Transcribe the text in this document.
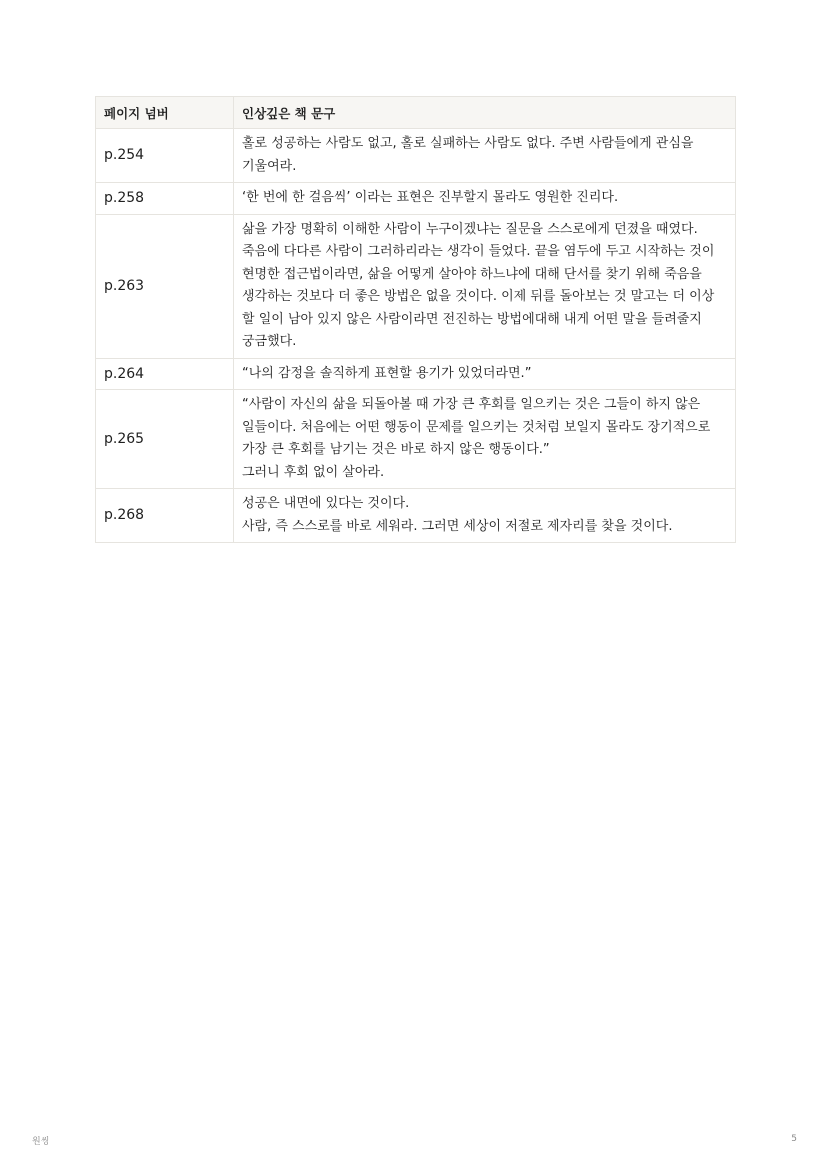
페이지 넘버	인상깊은 책 문구
p.254	홀로 성공하는 사람도 없고, 홀로 실패하는 사람도 없다. 주변 사람들에게 관심을 기울여라.
p.258	‘한 번에 한 걸음씩’ 이라는 표현은 진부할지 몰라도 영원한 진리다.
p.263	삶을 가장 명확히 이해한 사람이 누구이겠냐는 질문을 스스로에게 던졌을 때였다. 죽음에 다다른 사람이 그러하리라는 생각이 들었다. 끝을 염두에 두고 시작하는 것이 현명한 접근법이라면, 삶을 어떻게 살아야 하느냐에 대해 단서를 찾기 위해 죽음을 생각하는 것보다 더 좋은 방법은 없을 것이다. 이제 뒤를 돌아보는 것 말고는 더 이상 할 일이 남아 있지 않은 사람이라면 전진하는 방법에대해 내게 어떤 말을 들려줄지 궁금했다.
p.264	“나의 감정을 솔직하게 표현할 용기가 있었더라면.”
p.265	“사람이 자신의 삶을 되돌아볼 때 가장 큰 후회를 일으키는 것은 그들이 하지 않은 일들이다. 처음에는 어떤 행동이 문제를 일으키는 것처럼 보일지 몰라도 장기적으로 가장 큰 후회를 남기는 것은 바로 하지 않은 행동이다.”
그러니 후회 없이 살아라.
p.268	성공은 내면에 있다는 것이다.
사람, 즉 스스로를 바로 세워라. 그러면 세상이 저절로 제자리를 찾을 것이다.
원씽	5
